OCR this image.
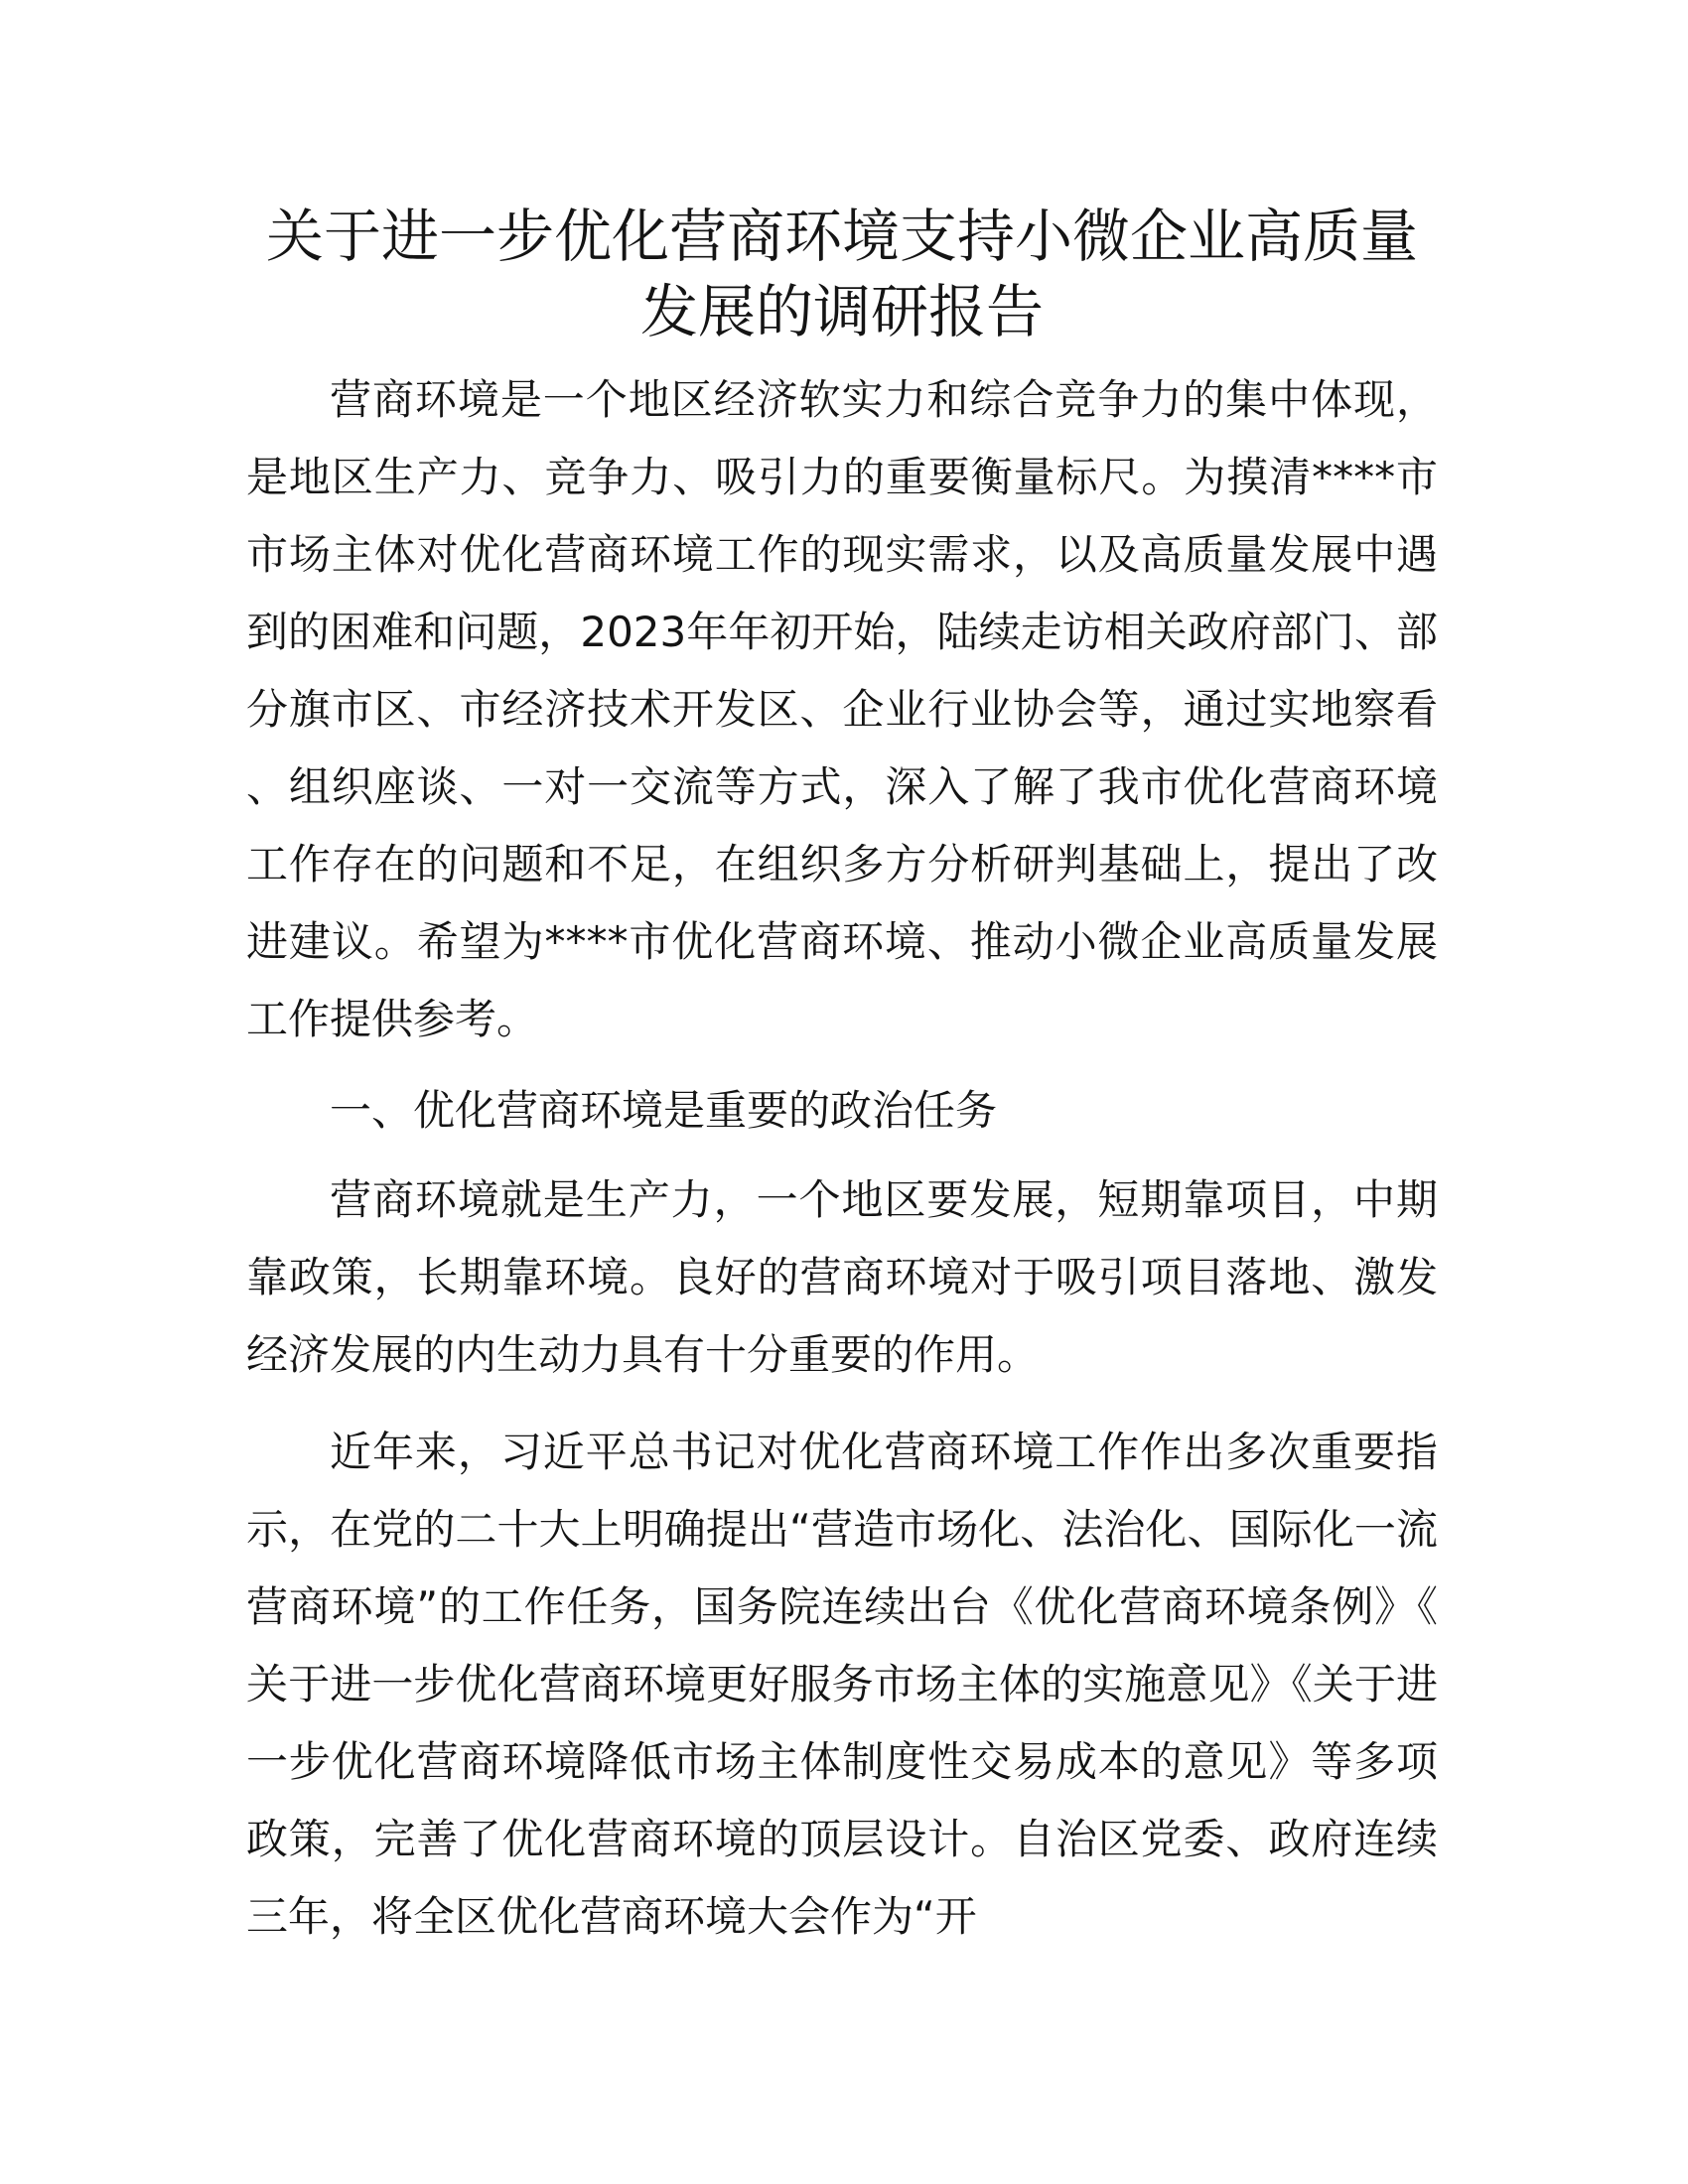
关于进一步优化营商环境支持小微企业高质量
发展的调研报告

营商环境是一个地区经济软实力和综合竞争力的集中体现，是地区生产力、竞争力、吸引力的重要衡量标尺。为摸清****市市场主体对优化营商环境工作的现实需求，以及高质量发展中遇到的困难和问题，2023年年初开始，陆续走访相关政府部门、部分旗市区、市经济技术开发区、企业行业协会等，通过实地察看、组织座谈、一对一交流等方式，深入了解了我市优化营商环境工作存在的问题和不足，在组织多方分析研判基础上，提出了改进建议。希望为****市优化营商环境、推动小微企业高质量发展工作提供参考。

一、优化营商环境是重要的政治任务

营商环境就是生产力，一个地区要发展，短期靠项目，中期靠政策，长期靠环境。良好的营商环境对于吸引项目落地、激发经济发展的内生动力具有十分重要的作用。

近年来，习近平总书记对优化营商环境工作作出多次重要指示，在党的二十大上明确提出“营造市场化、法治化、国际化一流营商环境”的工作任务，国务院连续出台《优化营商环境条例》《关于进一步优化营商环境更好服务市场主体的实施意见》《关于进一步优化营商环境降低市场主体制度性交易成本的意见》等多项政策，完善了优化营商环境的顶层设计。自治区党委、政府连续三年，将全区优化营商环境大会作为“开
